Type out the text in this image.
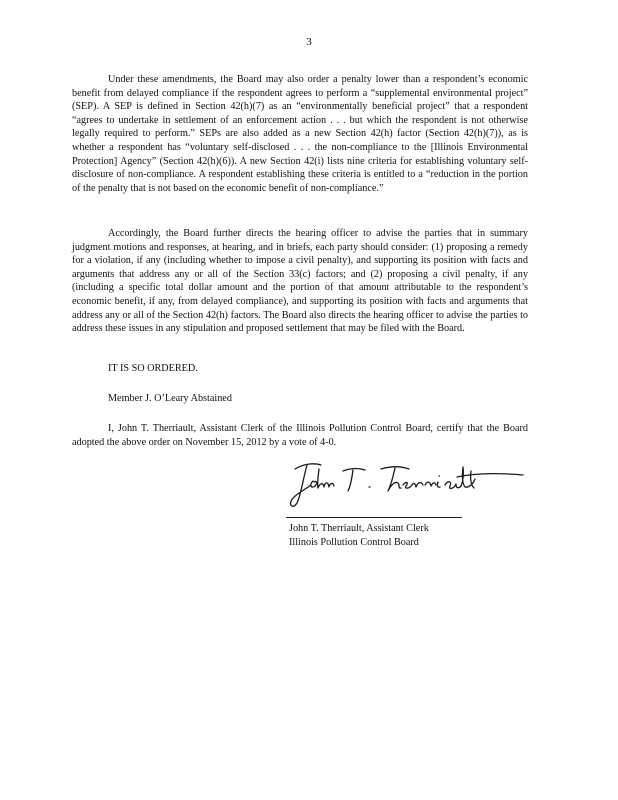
3

Under these amendments, the Board may also order a penalty lower than a respondent’s economic benefit from delayed compliance if the respondent agrees to perform a “supplemental environmental project” (SEP). A SEP is defined in Section 42(h)(7) as an “environmentally beneficial project” that a respondent “agrees to undertake in settlement of an enforcement action . . . but which the respondent is not otherwise legally required to perform.” SEPs are also added as a new Section 42(h) factor (Section 42(h)(7)), as is whether a respondent has “voluntary self-disclosed . . . the non-compliance to the [Illinois Environmental Protection] Agency” (Section 42(h)(6)). A new Section 42(i) lists nine criteria for establishing voluntary self-disclosure of non-compliance. A respondent establishing these criteria is entitled to a “reduction in the portion of the penalty that is not based on the economic benefit of non-compliance.”

Accordingly, the Board further directs the hearing officer to advise the parties that in summary judgment motions and responses, at hearing, and in briefs, each party should consider: (1) proposing a remedy for a violation, if any (including whether to impose a civil penalty), and supporting its position with facts and arguments that address any or all of the Section 33(c) factors; and (2) proposing a civil penalty, if any (including a specific total dollar amount and the portion of that amount attributable to the respondent’s economic benefit, if any, from delayed compliance), and supporting its position with facts and arguments that address any or all of the Section 42(h) factors. The Board also directs the hearing officer to advise the parties to address these issues in any stipulation and proposed settlement that may be filed with the Board.

IT IS SO ORDERED.
Member J. O’Leary Abstained

I, John T. Therriault, Assistant Clerk of the Illinois Pollution Control Board, certify that the Board adopted the above order on November 15, 2012 by a vote of 4-0.

John T. Therriault, Assistant Clerk
Illinois Pollution Control Board
